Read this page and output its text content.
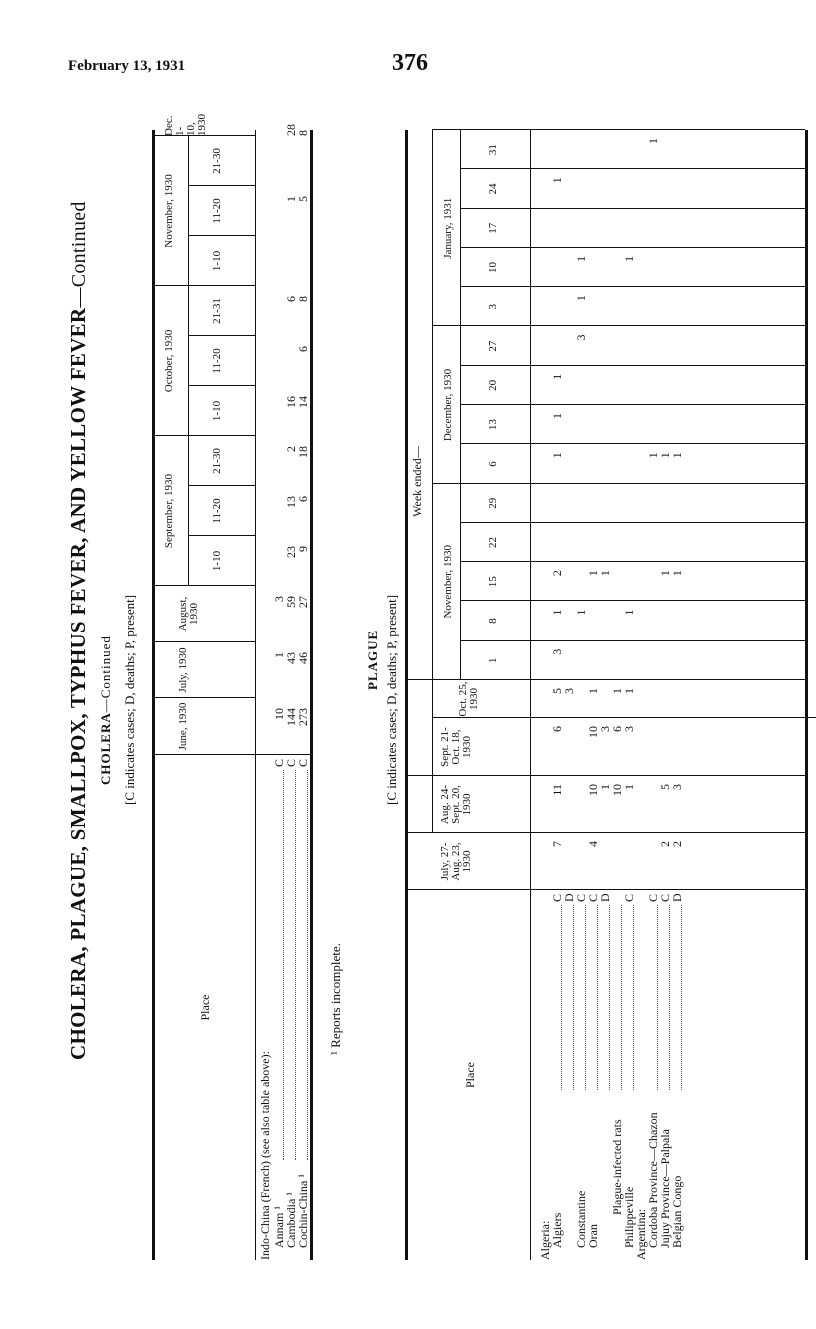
February 13, 1931	376
CHOLERA, PLAGUE, SMALLPOX, TYPHUS FEVER, AND YELLOW FEVER—Continued
CHOLERA—Continued [C indicates cases; D, deaths; P, present]
Place
June, 1930
July, 1930
August, 1930
September, 1930
October, 1930
November, 1930
1-10
11-20
21-30
1-10
11-20
21-31
1-10
11-20
21-30
Dec. 1-10, 1930
Indo-China (French) (see also table above): Annam ¹
C
10
1
3
Cambodia ¹
C
144
43
59
23
13
2
16
6
1
28
Cochin-China ¹
C
273
46
27
9
6
18
14
6
8
5
8
¹ Reports incomplete.
PLAGUE [C indicates cases; D, deaths; P, present]
Place
Week ended—
July, 27- Aug. 23, 1930
Aug. 24- Sept. 20, 1930
Sept. 21- Oct. 18, 1930
Oct. 25, 1930
November, 1930
December, 1930
January, 1931
1
8
15
22
29
6
13
20
27
3
10
17
24
31
Algeria:
Algiers
C
7
11
6
5
3
1
2
1
1
1
1
D
3
Constantine
C
1
3
1
1
Oran
C
4
10
10
1
1
D
1
3
1
Plague-infected rats
10
6
1
Philippeville
C
1
3
1
1
1
Argentina:
Cordoba Province—Chazon
C
1
1
Jujuy Province—Palpala
C
2
5
1
1
Belgian Congo
D
2
3
1
1
